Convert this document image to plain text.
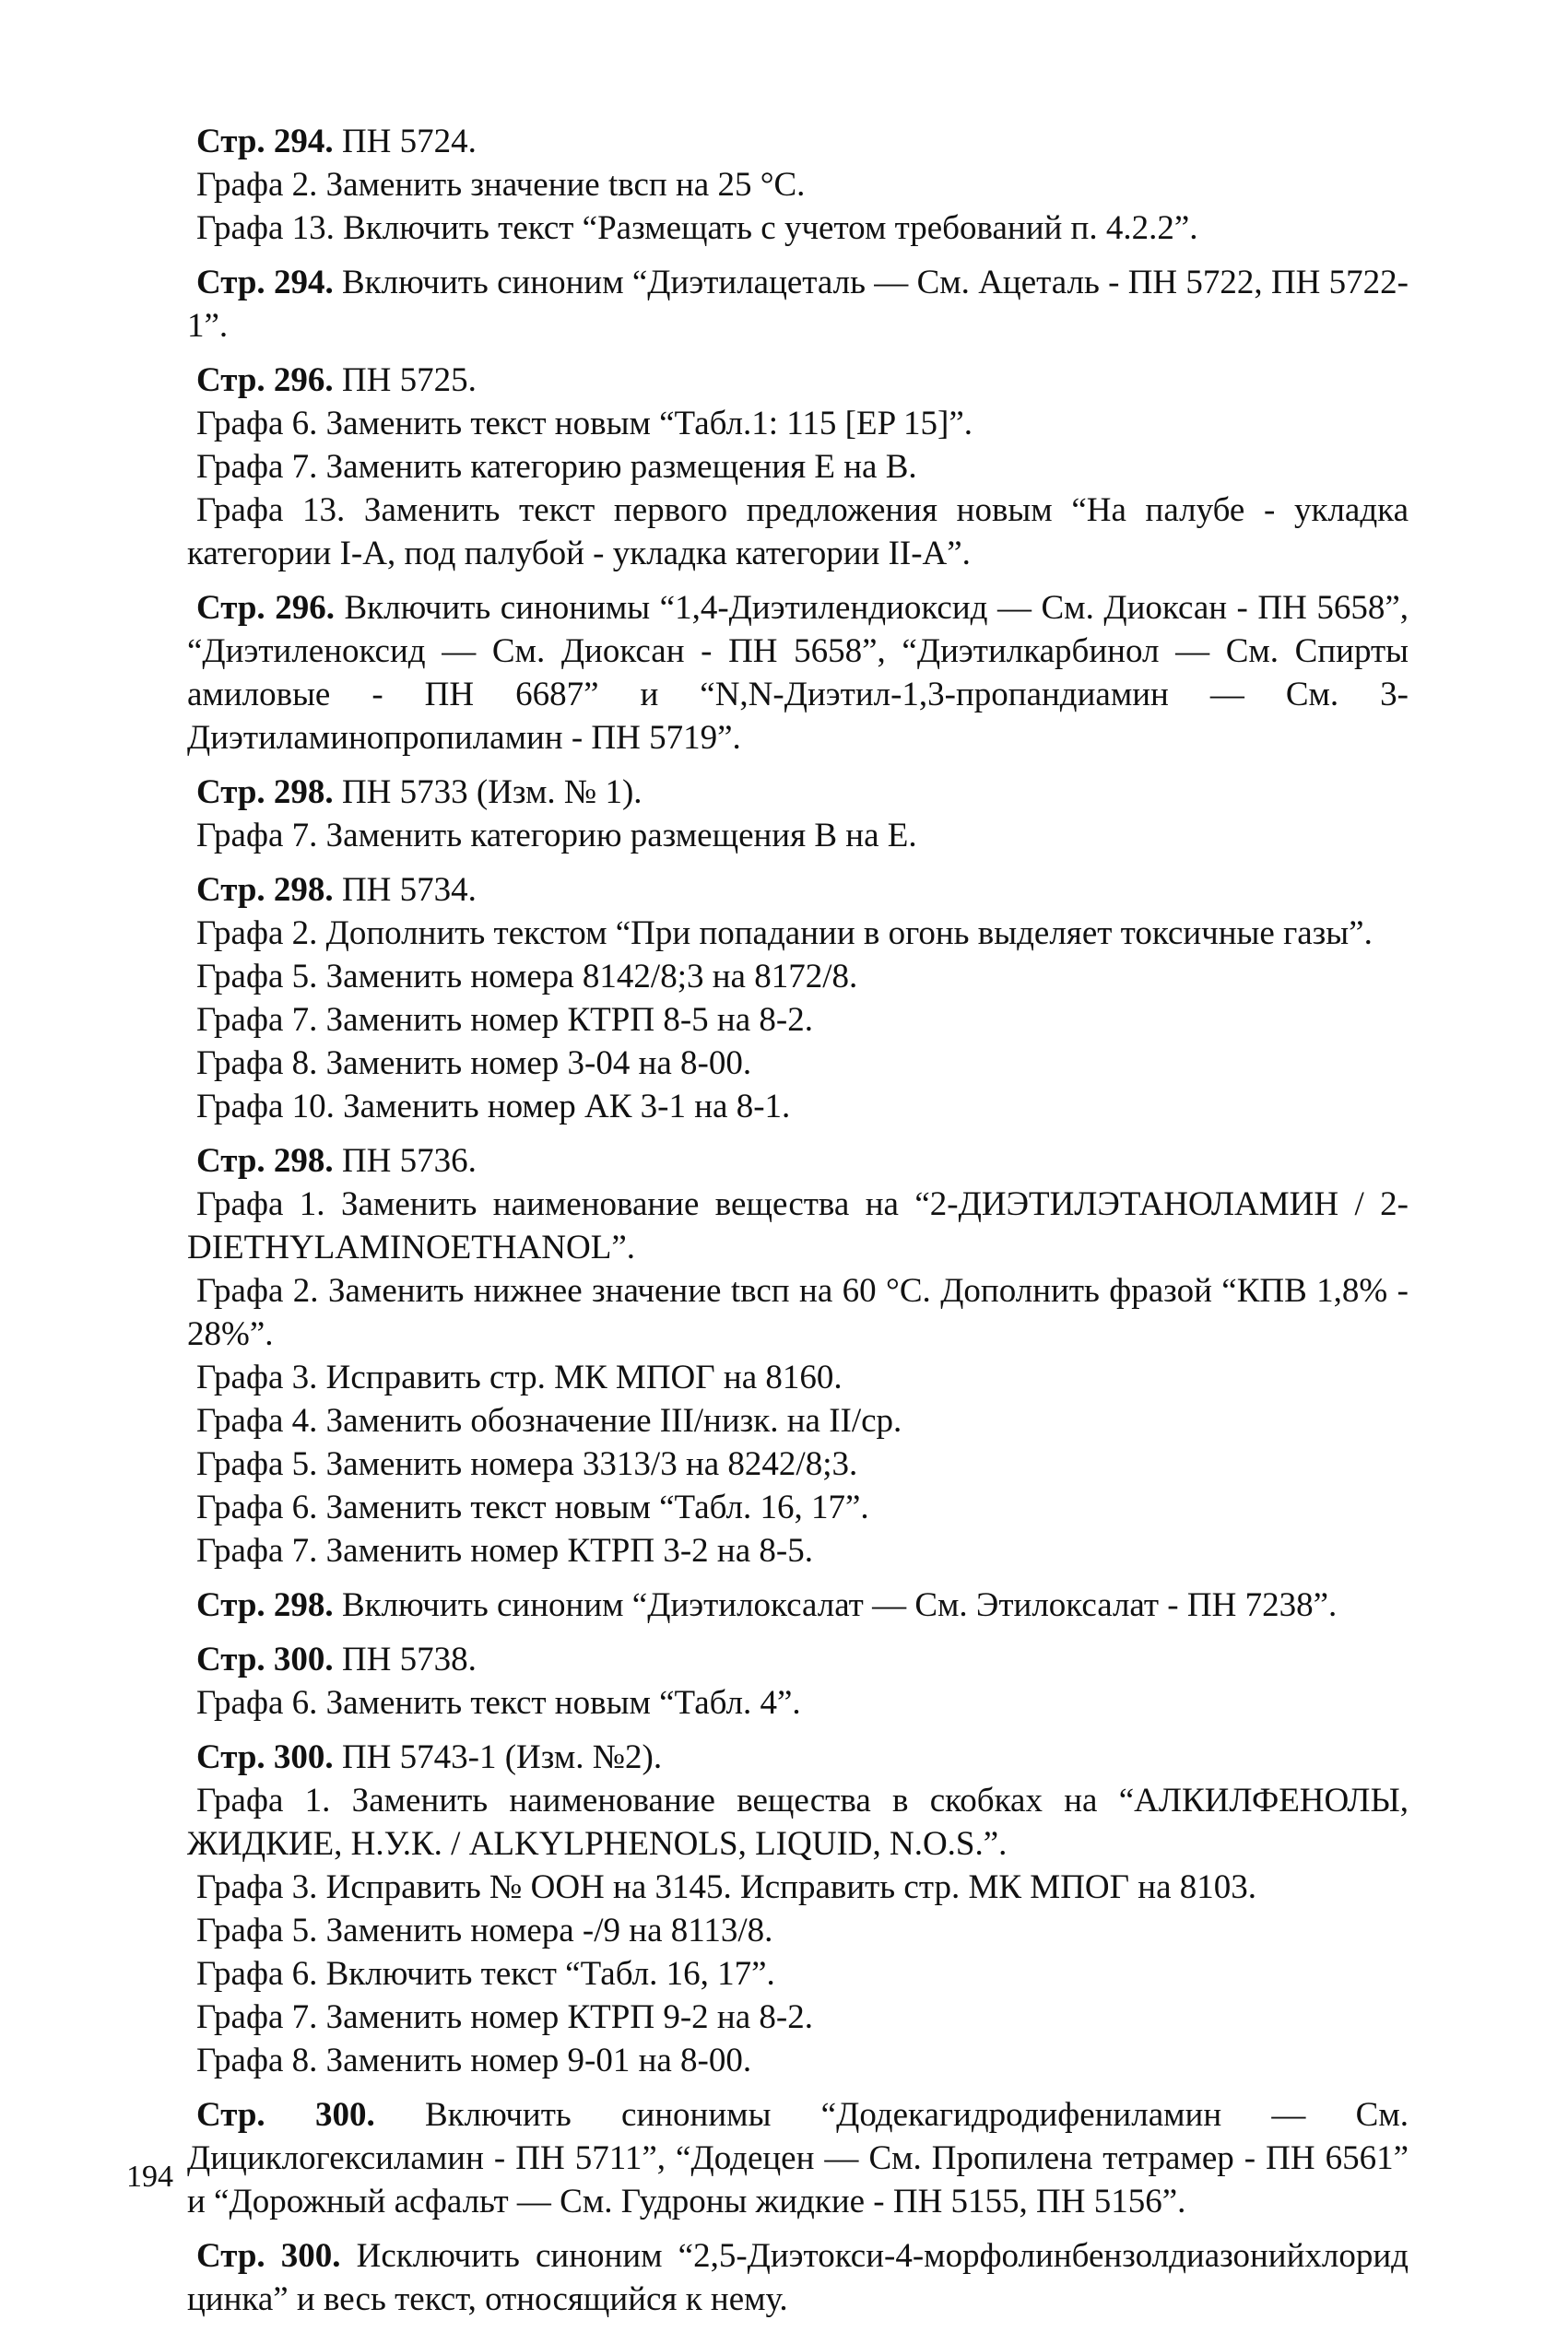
Стр. 294. ПН 5724.

Графа 2. Заменить значение tвсп на 25 °С.

Графа 13. Включить текст “Размещать с учетом требований п. 4.2.2”.

Стр. 294. Включить синоним “Диэтилацеталь — См. Ацеталь - ПН 5722, ПН 5722-1”.

Стр. 296. ПН 5725.

Графа 6. Заменить текст новым “Табл.1: 115 [EP 15]”.

Графа 7. Заменить категорию размещения Е на В.

Графа 13. Заменить текст первого предложения новым “На палубе - укладка категории I-A, под палубой - укладка категории II-A”.

Стр. 296. Включить синонимы “1,4-Диэтилендиоксид — См. Диоксан - ПН 5658”, “Диэтиленоксид — См. Диоксан - ПН 5658”, “Диэтилкарбинол — См. Спирты амиловые - ПН 6687” и “N,N-Диэтил-1,3-пропандиамин — См. 3-Диэтиламинопропиламин - ПН 5719”.

Стр. 298. ПН 5733 (Изм. № 1).

Графа 7. Заменить категорию размещения В на Е.

Стр. 298. ПН 5734.

Графа 2. Дополнить текстом “При попадании в огонь выделяет токсичные газы”.

Графа 5. Заменить номера 8142/8;3 на 8172/8.

Графа 7. Заменить номер КТРП 8-5 на 8-2.

Графа 8. Заменить номер 3-04 на 8-00.

Графа 10. Заменить номер АК 3-1 на 8-1.

Стр. 298. ПН 5736.

Графа 1. Заменить наименование вещества на “2-ДИЭТИЛЭТАНОЛАМИН / 2-DIETHYLAMINOETHANOL”.

Графа 2. Заменить нижнее значение tвсп на 60 °С. Дополнить фразой “КПВ 1,8% - 28%”.

Графа 3. Исправить стр. МК МПОГ на 8160.

Графа 4. Заменить обозначение III/низк. на II/ср.

Графа 5. Заменить номера 3313/3 на 8242/8;3.

Графа 6. Заменить текст новым “Табл. 16, 17”.

Графа 7. Заменить номер КТРП 3-2 на 8-5.

Стр. 298. Включить синоним “Диэтилоксалат — См. Этилоксалат - ПН 7238”.

Стр. 300. ПН 5738.

Графа 6. Заменить текст новым “Табл. 4”.

Стр. 300. ПН 5743-1 (Изм. №2).

Графа 1. Заменить наименование вещества в скобках на “АЛКИЛФЕНОЛЫ, ЖИДКИЕ, Н.У.К. / ALKYLPHENOLS, LIQUID, N.O.S.”.

Графа 3. Исправить № ООН на 3145. Исправить стр. МК МПОГ на 8103.

Графа 5. Заменить номера -/9 на 8113/8.

Графа 6. Включить текст “Табл. 16, 17”.

Графа 7. Заменить номер КТРП 9-2 на 8-2.

Графа 8. Заменить номер 9-01 на 8-00.

Стр. 300. Включить синонимы “Додекагидродифениламин — См. Дициклогексиламин - ПН 5711”, “Додецен — См. Пропилена тетрамер - ПН 6561” и “Дорожный асфальт — См. Гудроны жидкие - ПН 5155, ПН 5156”.

Стр. 300. Исключить синоним “2,5-Диэтокси-4-морфолинбензолдиазонийхлорид цинка” и весь текст, относящийся к нему.

194
